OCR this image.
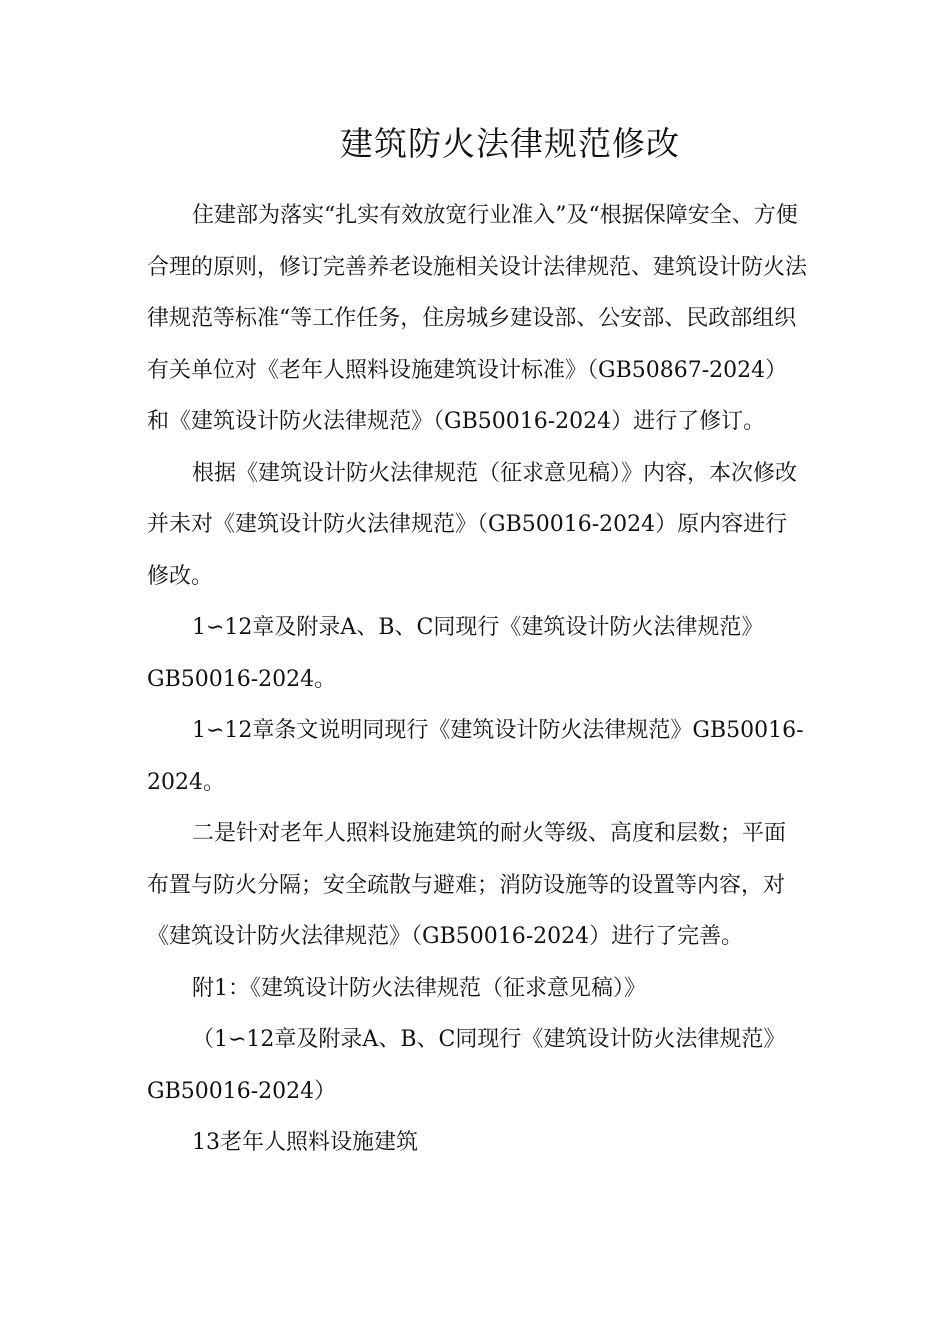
建筑防火法律规范修改

住建部为落实“扎实有效放宽行业准入”及“根据保障安全、方便合理的原则，修订完善养老设施相关设计法律规范、建筑设计防火法律规范等标准“等工作任务，住房城乡建设部、公安部、民政部组织有关单位对《老年人照料设施建筑设计标准》（GB50867-2024）和《建筑设计防火法律规范》（GB50016-2024）进行了修订。

根据《建筑设计防火法律规范（征求意见稿）》内容，本次修改并未对《建筑设计防火法律规范》（GB50016-2024）原内容进行修改。

1∽12章及附录A、B、C同现行《建筑设计防火法律规范》GB50016-2024。

1∽12章条文说明同现行《建筑设计防火法律规范》GB50016-2024。

二是针对老年人照料设施建筑的耐火等级、高度和层数；平面布置与防火分隔；安全疏散与避难；消防设施等的设置等内容，对《建筑设计防火法律规范》（GB50016-2024）进行了完善。

附1：《建筑设计防火法律规范（征求意见稿）》

（1∽12章及附录A、B、C同现行《建筑设计防火法律规范》GB50016-2024）

13老年人照料设施建筑
